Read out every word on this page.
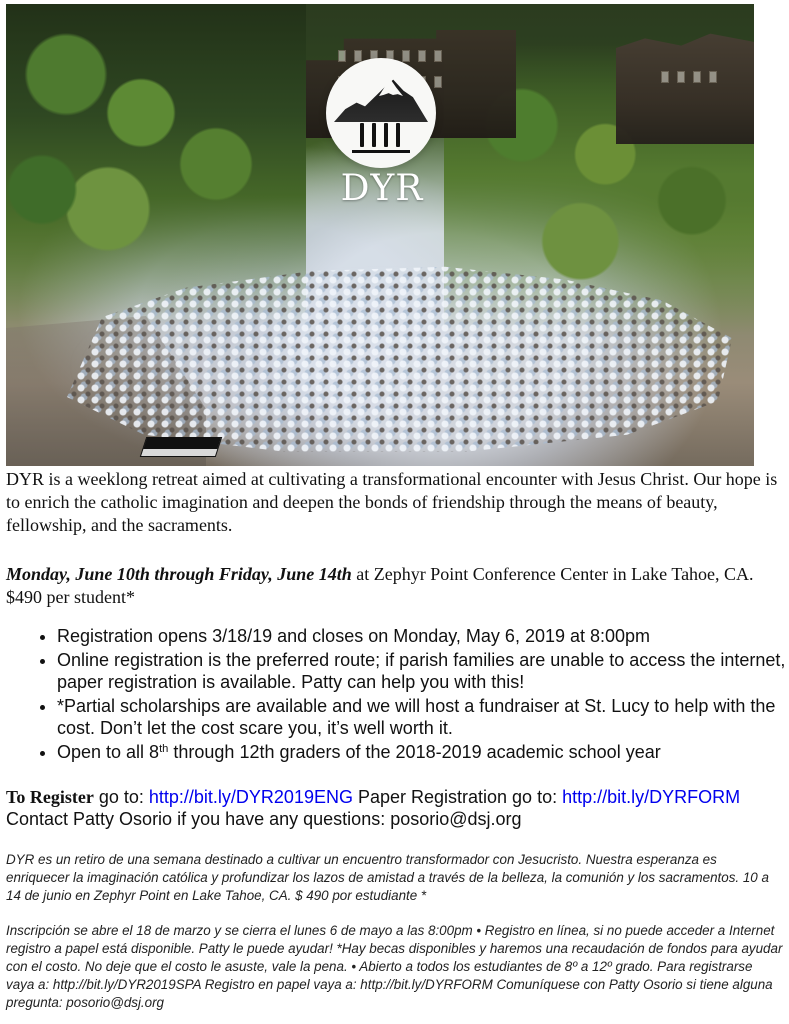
DYR
DYR is a weeklong retreat aimed at cultivating a transformational encounter with Jesus Christ. Our hope is to enrich the catholic imagination and deepen the bonds of friendship through the means of beauty, fellowship, and the sacraments.
Monday, June 10th through Friday, June 14th at Zephyr Point Conference Center in Lake Tahoe, CA. $490 per student*
• Registration opens 3/18/19 and closes on Monday, May 6, 2019 at 8:00pm
• Online registration is the preferred route; if parish families are unable to access the internet, paper registration is available. Patty can help you with this!
• *Partial scholarships are available and we will host a fundraiser at St. Lucy to help with the cost. Don’t let the cost scare you, it’s well worth it.
• Open to all 8th through 12th graders of the 2018-2019 academic school year
To Register go to: http://bit.ly/DYR2019ENG Paper Registration go to: http://bit.ly/DYRFORM Contact Patty Osorio if you have any questions: posorio@dsj.org
DYR es un retiro de una semana destinado a cultivar un encuentro transformador con Jesucristo. Nuestra esperanza es enriquecer la imaginación católica y profundizar los lazos de amistad a través de la belleza, la comunión y los sacramentos. 10 a 14 de junio en Zephyr Point en Lake Tahoe, CA. $ 490 por estudiante *
Inscripción se abre el 18 de marzo y se cierra el lunes 6 de mayo a las 8:00pm • Registro en línea, si no puede acceder a Internet registro a papel está disponible. Patty le puede ayudar! *Hay becas disponibles y haremos una recaudación de fondos para ayudar con el costo. No deje que el costo le asuste, vale la pena. • Abierto a todos los estudiantes de 8º a 12º grado. Para registrarse vaya a: http://bit.ly/DYR2019SPA Registro en papel vaya a: http://bit.ly/DYRFORM Comuníquese con Patty Osorio si tiene alguna pregunta: posorio@dsj.org
